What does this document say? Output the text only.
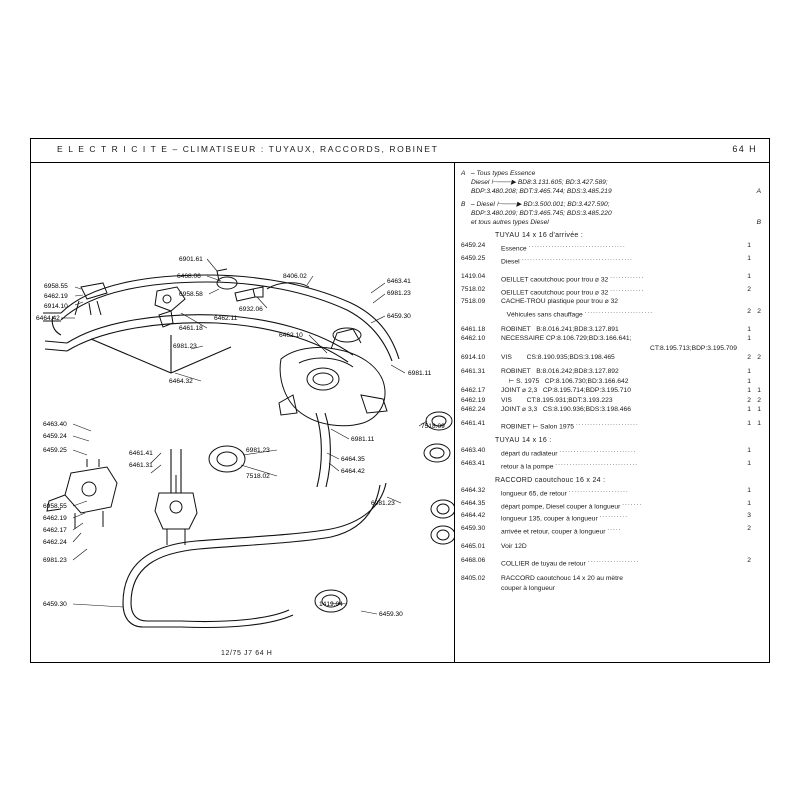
E L E C T R I C I T E – CLIMATISEUR : TUYAUX, RACCORDS, ROBINET	64 H
6901.61
6958.55
6462.19
6914.10
6468.06	8406.02
6463.41
6981.23
6958.58
6932.06
6464.42	6462.11	6459.30
6461.18
6462.10
6981.23
6981.11
6464.32
6463.40
6459.24
7518.09
6459.25	6981.23
6981.11
6461.41
6461.31
7518.02
6464.35
6464.42
6958.55
6462.19
6462.17
6462.24
6981.23
6981.23
6459.30	1419.04
6459.30
12/75 J7 64 H
A – Tous types Essence
Diesel ⊢───▶ BD8:3.131.605; BD:3.427.589;
BDP:3.480.208; BDT:3.465.744; BDS:3.485.219	A
B – Diesel ⊢───▶ BD:3.500.001; BD:3.427.590;
BDP:3.480.209; BDT:3.465.745; BDS:3.485.220
et tous autres types Diesel	B
TUYAU 14 x 16 d'arrivée :
6459.24	Essence ..................................	1	
6459.25	Diesel .......................................	1	

1419.04	OEILLET caoutchouc pour trou ⌀ 32 ............	1	
7518.02	OEILLET caoutchouc pour trou ⌀ 32 ............	2	
7518.09	CACHE-TROU plastique pour trou ⌀ 32		
	Véhicules sans chauffage ........................	2	2

6461.18	ROBINET B:8.016.241;BD8:3.127.891	1	
6462.10	NECESSAIRE CP:8.106.729;BD:3.166.641;	1	
	CT:8.195.713;BDP:3.195.709		
6914.10	VIS CS:8.190.935;BDS:3.198.465	2	2

6461.31	ROBINET B:8.016.242;BD8:3.127.892	1	
	⊢ S. 1975 CP:8.106.730;BD:3.166.642	1	
6462.17	JOINT ⌀ 2,3 CP:8.195.714;BDP:3.195.710	1	1
6462.19	VIS CT:8.195.931;BDT:3.193.223	2	2
6462.24	JOINT ⌀ 3,3 CS:8.190.936;BDS:3.198.466	1	1

6461.41	ROBINET ⊢ Salon 1975 ......................	1	1
TUYAU 14 x 16 :
6463.40	départ du radiateur ...........................	1	
6463.41	retour à la pompe .............................	1	
RACCORD caoutchouc 16 x 24 :
6464.32	longueur 65, de retour .....................	1	
6464.35	départ pompe, Diesel couper à longueur .......	1	
6464.42	longueur 135, couper à longueur ..........	3	
6459.30	arrivée et retour, couper à longueur .....	2	

6465.01	Voir 12D		

6468.06	COLLIER de tuyau de retour ..................	2	

8405.02	RACCORD caoutchouc 14 x 20 au mètre		
	couper à longueur		
